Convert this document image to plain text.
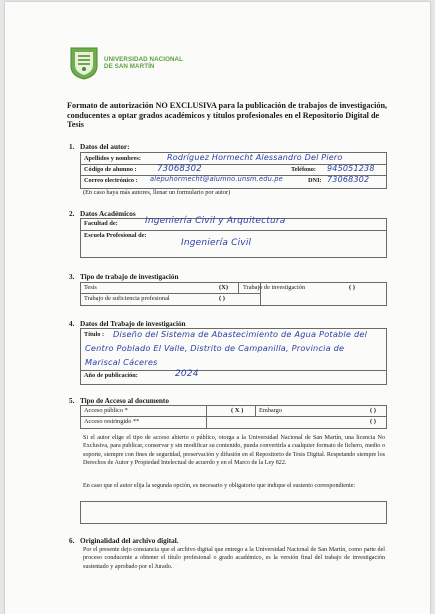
UNIVERSIDAD NACIONAL
DE SAN MARTÍN
Formato de autorización NO EXCLUSIVA para la publicación de trabajos de investigación, conducentes a optar grados académicos y títulos profesionales en el Repositorio Digital de Tesis
1. Datos del autor:
Apellidos y nombres:	Rodríguez Hormecht Alessandro Del Piero
Código de alumno : 73068302	Teléfono: 945051238
Correo electrónico : alepuhormecht@alumno.unsm.edu.pe	DNI: 73068302
(En caso haya más autores, llenar un formulario por autor)
2. Datos Académicos
Facultad de:	Ingeniería Civil y Arquitectura
Escuela Profesional de:
Ingeniería Civil
3. Tipo de trabajo de investigación
Tesis	(X) Trabajo de investigación	( )
Trabajo de suficiencia profesional	( )
4. Datos del Trabajo de investigación
Título : Diseño del Sistema de Abastecimiento de Agua Potable del
Centro Poblado El Valle, Distrito de Campanilla, Provincia de
Mariscal Cáceres
Año de publicación:	2024
5. Tipo de Acceso al documento
Acceso público *	( X ) Embargo	( )
Acceso restringido **	( )
Si el autor elige el tipo de acceso abierto o público, otorga a la Universidad Nacional de San Martín, una licencia No Exclusiva, para publicar, conservar y sin modificar su contenido, pueda convertirla a cualquier formato de fichero, medio o soporte, siempre con fines de seguridad, preservación y difusión en el Repositorio de Tesis Digital. Respetando siempre los Derechos de Autor y Propiedad Intelectual de acuerdo y en el Marco de la Ley 822.
En caso que el autor elija la segunda opción, es necesario y obligatorio que indique el sustento correspondiente:
6. Originalidad del archivo digital.
Por el presente dejo constancia que el archivo digital que entrego a la Universidad Nacional de San Martín, como parte del proceso conducente a obtener el título profesional o grado académico, es la versión final del trabajo de investigación sustentado y aprobado por el Jurado.
